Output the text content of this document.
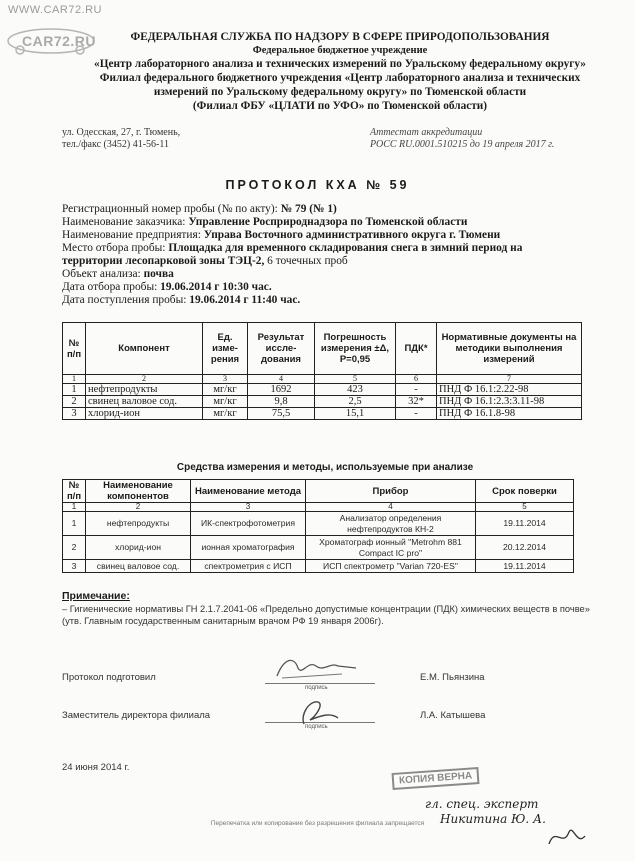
WWW.CAR72.RU
CAR72.RU	ФЕДЕРАЛЬНАЯ СЛУЖБА ПО НАДЗОРУ В СФЕРЕ ПРИРОДОПОЛЬЗОВАНИЯ
Федеральное бюджетное учреждение
«Центр лабораторного анализа и технических измерений по Уральскому федеральному округу»
Филиал федерального бюджетного учреждения «Центр лабораторного анализа и технических
измерений по Уральскому федеральному округу» по Тюменской области
(Филиал ФБУ «ЦЛАТИ по УФО» по Тюменской области)
ул. Одесская, 27, г. Тюмень,
тел./факс (3452) 41-56-11
Аттестат аккредитации
РОСС RU.0001.510215 до 19 апреля 2017 г.
ПРОТОКОЛ КХА № 59
Регистрационный номер пробы (№ по акту): № 79 (№ 1)
Наименование заказчика: Управление Росприроднадзора по Тюменской области
Наименование предприятия: Управа Восточного административного округа г. Тюмени
Место отбора пробы: Площадка для временного складирования снега в зимний период на
территории лесопарковой зоны ТЭЦ-2, 6 точечных проб
Объект анализа: почва
Дата отбора пробы: 19.06.2014 г 10:30 час.
Дата поступления пробы: 19.06.2014 г 11:40 час.
№ п/п	Компонент	Ед. изме-рения	Результат иссле-дования	Погрешность измерения ±Δ, Р=0,95	ПДК*	Нормативные документы на методики выполнения измерений
1	2	3	4	5	6	7
1	нефтепродукты	мг/кг	1692	423	-	ПНД Ф 16.1:2.22-98
2	свинец валовое сод.	мг/кг	9,8	2,5	32*	ПНД Ф 16.1:2.3:3.11-98
3	хлорид-ион	мг/кг	75,5	15,1	-	ПНД Ф 16.1.8-98
Средства измерения и методы, используемые при анализе
№ п/п	Наименование компонентов	Наименование метода	Прибор	Срок поверки
1	2	3	4	5
1	нефтепродукты	ИК-спектрофотометрия	Анализатор определения нефтепродуктов КН-2	19.11.2014
2	хлорид-ион	ионная хроматография	Хроматограф ионный "Metrohm 881 Compact IC pro"	20.12.2014
3	свинец валовое сод.	спектрометрия с ИСП	ИСП спектрометр "Varian 720-ES"	19.11.2014
Примечание:
– Гигиенические нормативы ГН 2.1.7.2041-06 «Предельно допустимые концентрации (ПДК) химических веществ в почве» (утв. Главным государственным санитарным врачом РФ 19 января 2006г).
Протокол подготовил
подпись
Е.М. Пьянзина
Заместитель директора филиала
подпись
Л.А. Катышева
24 июня 2014 г.
КОПИЯ ВЕРНА
гл. спец. эксперт
Никитина Ю. А.
Перепечатка или копирование без разрешения филиала запрещается
